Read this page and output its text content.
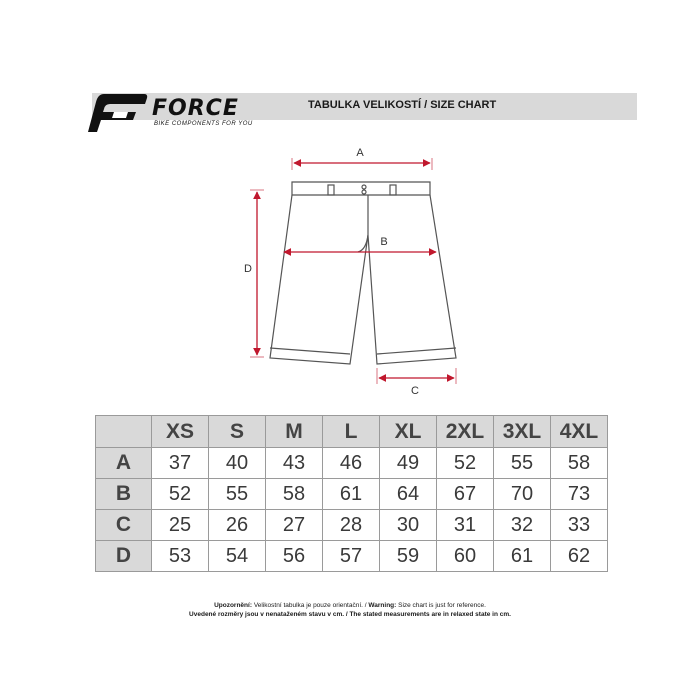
FORCE
BIKE COMPONENTS FOR YOU
TABULKA VELIKOSTÍ / SIZE CHART
A
B
D
C
	XS	S	M	L	XL	2XL	3XL	4XL
A	37	40	43	46	49	52	55	58
B	52	55	58	61	64	67	70	73
C	25	26	27	28	30	31	32	33
D	53	54	56	57	59	60	61	62
Upozornění: Velikostní tabulka je pouze orientační. / Warning: Size chart is just for reference.
Uvedené rozměry jsou v nenataženém stavu v cm. / The stated measurements are in relaxed state in cm.
